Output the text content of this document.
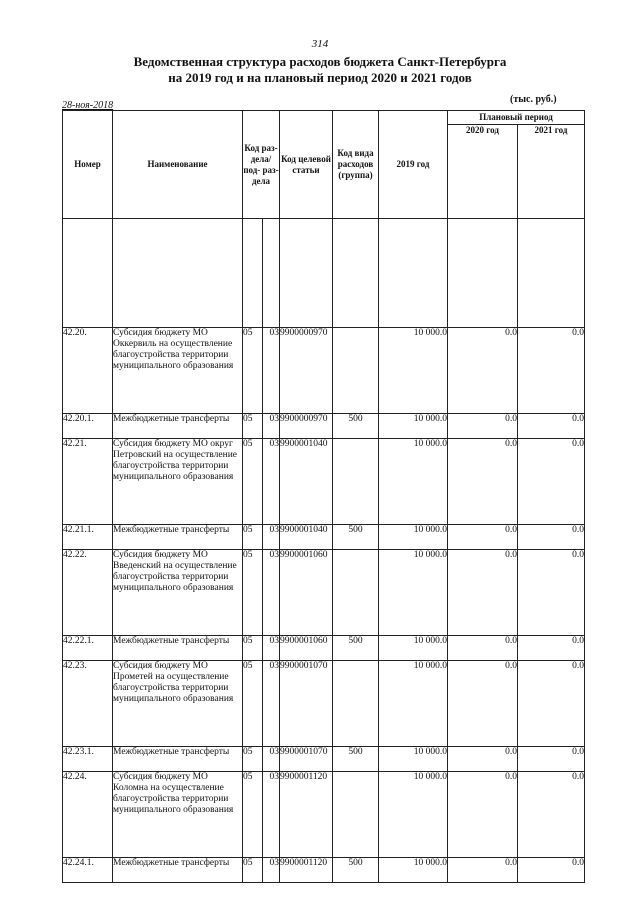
314
Ведомственная структура расходов бюджета Санкт-Петербурга
на 2019 год и на плановый период 2020 и 2021 годов
28-ноя-2018
(тыс. руб.)
Номер	Наименование	Код раз- дела/ под- раз- дела		Код целевой статьи	Код вида расходов (группа)	2019 год	Плановый период	
							2020 год	2021 год

42.20.	Субсидия бюджету МО Оккервиль на осуществление благоустройства территории муниципального образования	05	03	9900000970		10 000.0	0.0	0.0
42.20.1.	Межбюджетные трансферты	05	03	9900000970	500	10 000.0	0.0	0.0
42.21.	Субсидия бюджету МО округ Петровский на осуществление благоустройства территории муниципального образования	05	03	9900001040		10 000.0	0.0	0.0
42.21.1.	Межбюджетные трансферты	05	03	9900001040	500	10 000.0	0.0	0.0
42.22.	Субсидия бюджету МО Введенский на осуществление благоустройства территории муниципального образования	05	03	9900001060		10 000.0	0.0	0.0
42.22.1.	Межбюджетные трансферты	05	03	9900001060	500	10 000.0	0.0	0.0
42.23.	Субсидия бюджету МО Прометей на осуществление благоустройства территории муниципального образования	05	03	9900001070		10 000.0	0.0	0.0
42.23.1.	Межбюджетные трансферты	05	03	9900001070	500	10 000.0	0.0	0.0
42.24.	Субсидия бюджету МО Коломна на осуществление благоустройства территории муниципального образования	05	03	9900001120		10 000.0	0.0	0.0
42.24.1.	Межбюджетные трансферты	05	03	9900001120	500	10 000.0	0.0	0.0
